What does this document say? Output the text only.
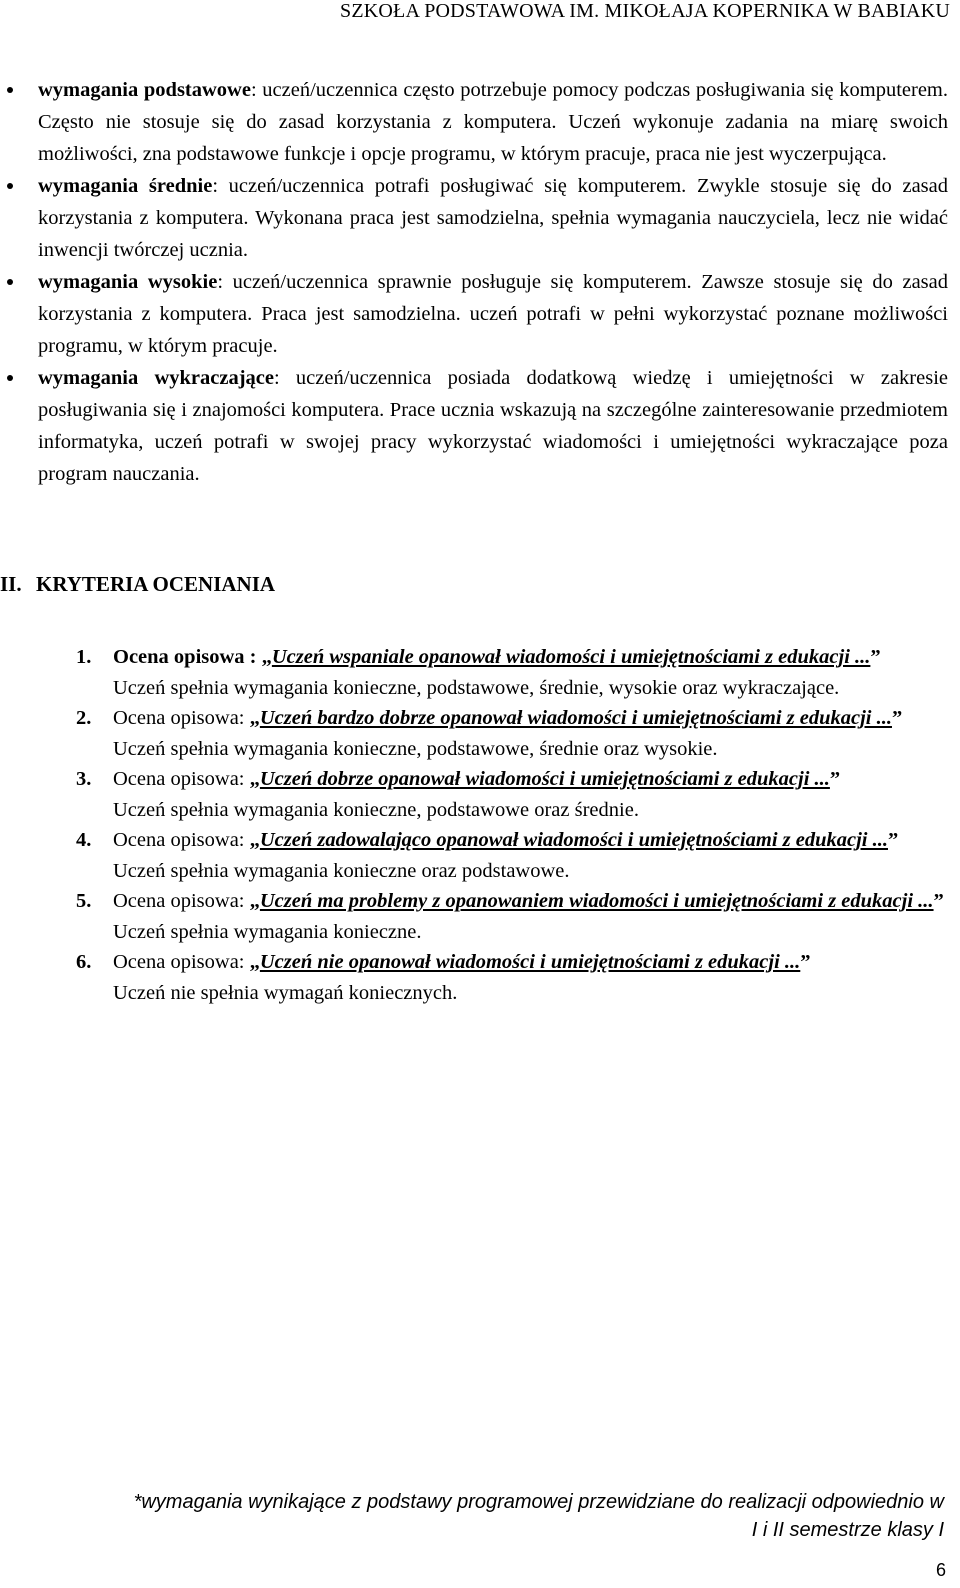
SZKOŁA PODSTAWOWA IM. MIKOŁAJA KOPERNIKA W BABIAKU

wymagania podstawowe: uczeń/uczennica często potrzebuje pomocy podczas posługiwania się komputerem. Często nie stosuje się do zasad korzystania z komputera. Uczeń wykonuje zadania na miarę swoich możliwości, zna podstawowe funkcje i opcje programu, w którym pracuje, praca nie jest wyczerpująca.

wymagania średnie: uczeń/uczennica potrafi posługiwać się komputerem. Zwykle stosuje się do zasad korzystania z komputera. Wykonana praca jest samodzielna, spełnia wymagania nauczyciela, lecz nie widać inwencji twórczej ucznia.

wymagania wysokie: uczeń/uczennica sprawnie posługuje się komputerem. Zawsze stosuje się do zasad korzystania z komputera. Praca jest samodzielna. uczeń potrafi w pełni wykorzystać poznane możliwości programu, w którym pracuje.

wymagania wykraczające: uczeń/uczennica posiada dodatkową wiedzę i umiejętności w zakresie posługiwania się i znajomości komputera. Prace ucznia wskazują na szczególne zainteresowanie przedmiotem informatyka, uczeń potrafi w swojej pracy wykorzystać wiadomości i umiejętności wykraczające poza program nauczania.

II. KRYTERIA OCENIANIA
1. Ocena opisowa : „Uczeń wspaniale opanował wiadomości i umiejętnościami z edukacji ...”
Uczeń spełnia wymagania konieczne, podstawowe, średnie, wysokie oraz wykraczające.
2. Ocena opisowa: „Uczeń bardzo dobrze opanował wiadomości i umiejętnościami z edukacji ...”
Uczeń spełnia wymagania konieczne, podstawowe, średnie oraz wysokie.
3. Ocena opisowa: „Uczeń dobrze opanował wiadomości i umiejętnościami z edukacji ...”
Uczeń spełnia wymagania konieczne, podstawowe oraz średnie.
4. Ocena opisowa: „Uczeń zadowalająco opanował wiadomości i umiejętnościami z edukacji ...”
Uczeń spełnia wymagania konieczne oraz podstawowe.
5. Ocena opisowa: „Uczeń ma problemy z opanowaniem wiadomości i umiejętnościami z edukacji ...”
Uczeń spełnia wymagania konieczne.
6. Ocena opisowa: „Uczeń nie opanował wiadomości i umiejętnościami z edukacji ...”
Uczeń nie spełnia wymagań koniecznych.
*wymagania wynikające z podstawy programowej przewidziane do realizacji odpowiednio w
I i II semestrze klasy I
6
